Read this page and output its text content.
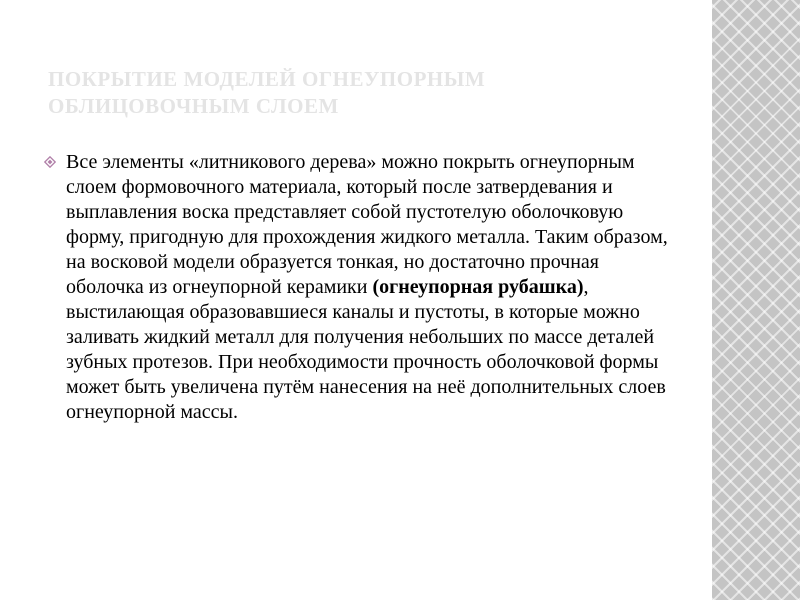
ПОКРЫТИЕ МОДЕЛЕЙ ОГНЕУПОРНЫМ ОБЛИЦОВОЧНЫМ СЛОЕМ

Все элементы «литникового дерева» можно покрыть огнеупорным слоем формовочного материала, который после затвердевания и выплавления воска представляет собой пустотелую оболочковую форму, пригодную для прохождения жидкого металла. Таким образом, на восковой модели образуется тонкая, но достаточно прочная оболочка из огнеупорной керамики (огнеупорная рубашка), выстилающая образовавшиеся каналы и пустоты, в которые можно заливать жидкий металл для получения небольших по массе деталей зубных протезов. При необходимости прочность оболочковой формы может быть увеличена путём нанесения на неё дополнительных слоев огнеупорной массы.
